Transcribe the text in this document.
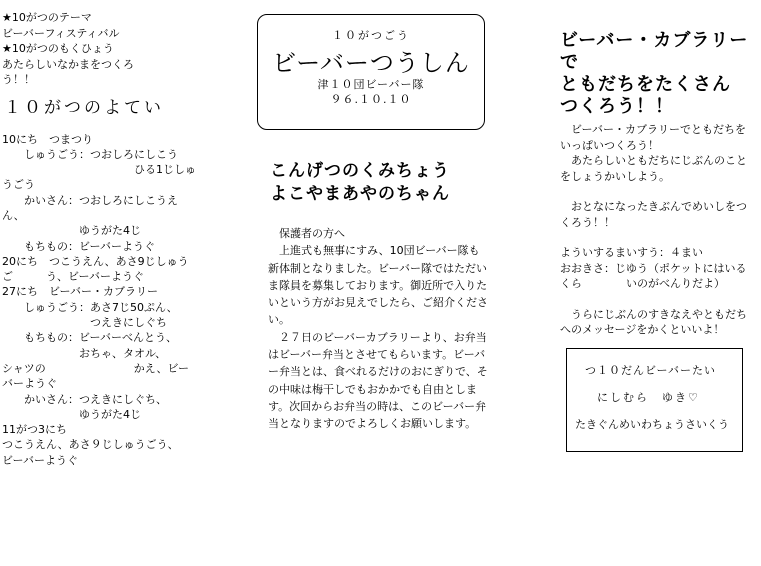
★10がつのテーマ
ビーバーフィスティバル
★10がつのもくひょう
あたらしいなかまをつくろ
う！！
１０がつのよてい
10にち　つまつり
　　しゅうごう：つおしろにしこう
　　　　　　　　　　　　ひる1じしゅ
うごう
　　かいさん：つおしろにしこうえ
ん、
　　　　　　　ゆうがた4じ
　　もちもの：ビーバーようぐ
20にち　つこうえん、あさ9じしゅう
ご　　　う、ビーバーようぐ
27にち　ビーバー・カブラリー
　　しゅうごう：あさ7じ50ぷん、
　　　　　　　　つえきにしぐち
　　もちもの：ビーバーべんとう、
　　　　　　　おちゃ、タオル、
シャツの　　　　　　　　かえ、ビー
バーようぐ
　　かいさん：つえきにしぐち、
　　　　　　　ゆうがた4じ
11がつ3にち
つこうえん、あさ９じしゅうごう、
ビーバーようぐ
１０がつごう
ビーバーつうしん
津１０団ビーバー隊
９６.１０.１０
こんげつのくみちょう
よこやまあやのちゃん

保護者の方へ

上進式も無事にすみ、10団ビーバー隊も新体制となりました。ビーバー隊ではただいま隊員を募集しております。御近所で入りたいという方がお見えでしたら、ご紹介ください。

２７日のビーバーカブラリーより、お弁当はビーバー弁当とさせてもらいます。ビーバー弁当とは、食べれるだけのおにぎりで、その中味は梅干しでもおかかでも自由とします。次回からお弁当の時は、このビーバー弁当となりますのでよろしくお願いします。

ビーバー・カブラリー
で
ともだちをたくさん
つくろう！！

　ビーバー・カブラリーでともだちをいっぱいつくろう！
　あたらしいともだちにじぶんのことをしょうかいしよう。

　おとなになったきぶんでめいしをつくろう！！

よういするまいすう：４まい
おおきさ：じゆう（ポケットにはいるくら　　　　いのがべんりだよ）

　うらにじぶんのすきなえやともだちへのメッセージをかくといいよ！

つ１０だんビーバーたい
にしむら　ゆき♡
たきぐんめいわちょうさいくう
